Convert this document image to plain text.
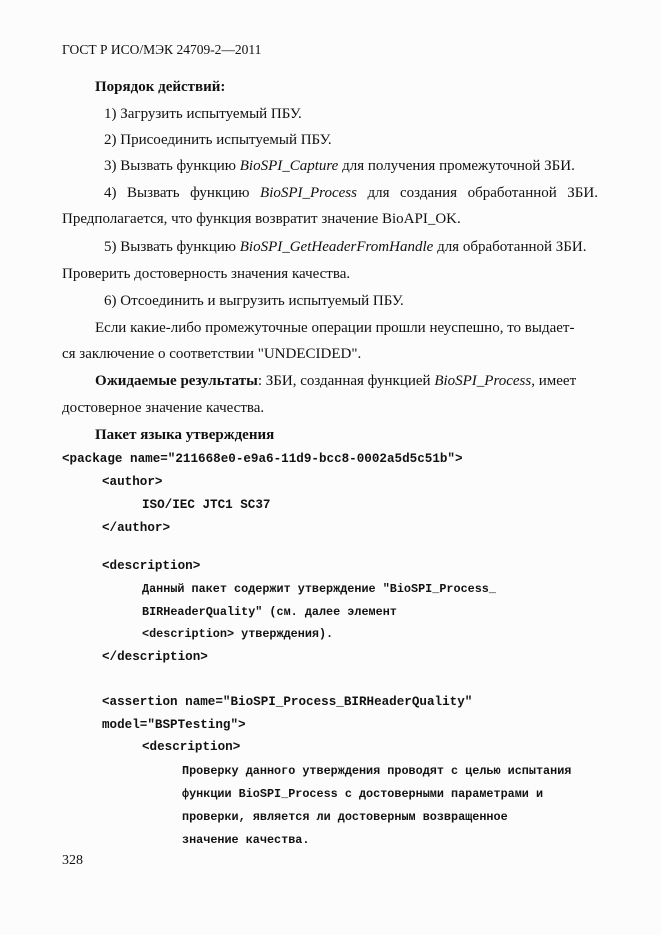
ГОСТ Р ИСО/МЭК 24709-2—2011
Порядок действий:
1) Загрузить испытуемый ПБУ.
2) Присоединить испытуемый ПБУ.
3) Вызвать функцию BioSPI_Capture для получения промежуточной ЗБИ.
4) Вызвать функцию BioSPI_Process для создания обработанной ЗБИ.
Предполагается, что функция возвратит значение BioAPI_OK.
5) Вызвать функцию BioSPI_GetHeaderFromHandle для обработанной ЗБИ.
Проверить достоверность значения качества.
6) Отсоединить и выгрузить испытуемый ПБУ.
Если какие-либо промежуточные операции прошли неуспешно, то выдает-
ся заключение о соответствии "UNDECIDED".
Ожидаемые результаты: ЗБИ, созданная функцией BioSPI_Process, имеет
достоверное значение качества.
Пакет языка утверждения
<package name="211668e0-e9a6-11d9-bcc8-0002a5d5c51b">
<author>
ISO/IEC JTC1 SC37
</author>
<description>
Данный пакет содержит утверждение "BioSPI_Process_
BIRHeaderQuality" (см. далее элемент
<description> утверждения).
</description>
<assertion name="BioSPI_Process_BIRHeaderQuality"
model="BSPTesting">
<description>
Проверку данного утверждения проводят с целью испытания
функции BioSPI_Process с достоверными параметрами и
проверки, является ли достоверным возвращенное
значение качества.
328
